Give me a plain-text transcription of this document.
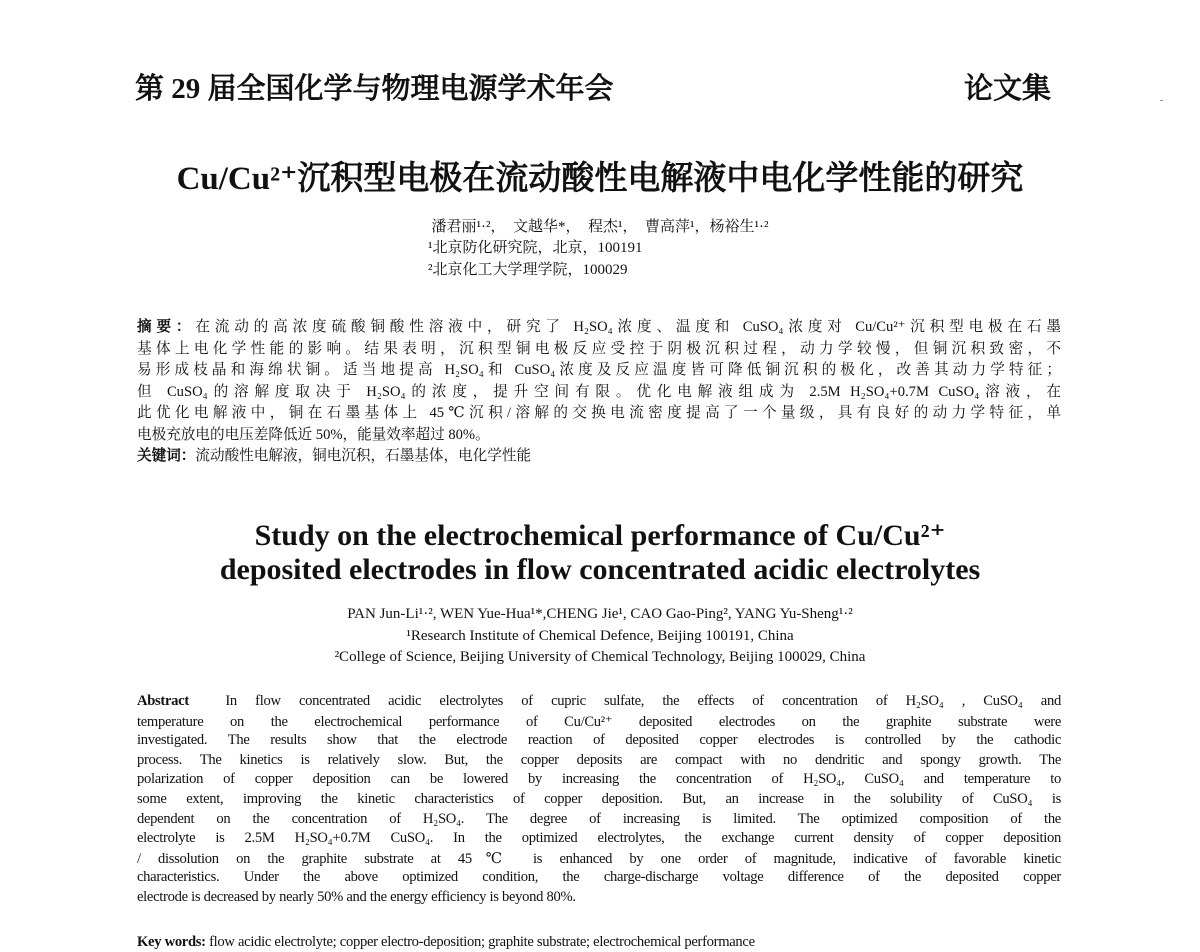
第 29 届全国化学与物理电源学术年会	论文集
Cu/Cu²⁺沉积型电极在流动酸性电解液中电化学性能的研究
潘君丽¹·²，　文越华*，　程杰¹，　曹高萍¹，杨裕生¹·²
¹北京防化研究院，北京，100191
²北京化工大学理学院，100029
摘要：在流动的高浓度硫酸铜酸性溶液中，研究了 H₂SO₄浓度、温度和 CuSO₄浓度对 Cu/Cu²⁺沉积型电极在石墨
基体上电化学性能的影响。结果表明，沉积型铜电极反应受控于阴极沉积过程，动力学较慢，但铜沉积致密，不
易形成枝晶和海绵状铜。适当地提高 H₂SO₄和 CuSO₄浓度及反应温度皆可降低铜沉积的极化，改善其动力学特征；
但 CuSO₄的溶解度取决于 H₂SO₄的浓度，提升空间有限。优化电解液组成为 2.5M H₂SO₄+0.7M CuSO₄溶液，在
此优化电解液中，铜在石墨基体上 45℃沉积/溶解的交换电流密度提高了一个量级，具有良好的动力学特征，单
电极充放电的电压差降低近 50%，能量效率超过 80%。
关键词：流动酸性电解液，铜电沉积，石墨基体，电化学性能
Study on the electrochemical performance of Cu/Cu²⁺
deposited electrodes in flow concentrated acidic electrolytes
PAN Jun-Li¹·², WEN Yue-Hua¹*,CHENG Jie¹, CAO Gao-Ping², YANG Yu-Sheng¹·²
¹Research Institute of Chemical Defence, Beijing 100191, China
²College of Science, Beijing University of Chemical Technology, Beijing 100029, China
Abstract In flow concentrated acidic electrolytes of cupric sulfate, the effects of concentration of H₂SO₄ , CuSO₄ and
temperature on the electrochemical performance of Cu/Cu²⁺ deposited electrodes on the graphite substrate were
investigated. The results show that the electrode reaction of deposited copper electrodes is controlled by the cathodic
process. The kinetics is relatively slow. But, the copper deposits are compact with no dendritic and spongy growth. The
polarization of copper deposition can be lowered by increasing the concentration of H₂SO₄, CuSO₄ and temperature to
some extent, improving the kinetic characteristics of copper deposition. But, an increase in the solubility of CuSO₄ is
dependent on the concentration of H₂SO₄. The degree of increasing is limited. The optimized composition of the
electrolyte is 2.5M H₂SO₄+0.7M CuSO₄. In the optimized electrolytes, the exchange current density of copper deposition
/ dissolution on the graphite substrate at 45℃ is enhanced by one order of magnitude, indicative of favorable kinetic
characteristics. Under the above optimized condition, the charge-discharge voltage difference of the deposited copper
electrode is decreased by nearly 50% and the energy efficiency is beyond 80%.
Key words: flow acidic electrolyte; copper electro-deposition; graphite substrate; electrochemical performance
